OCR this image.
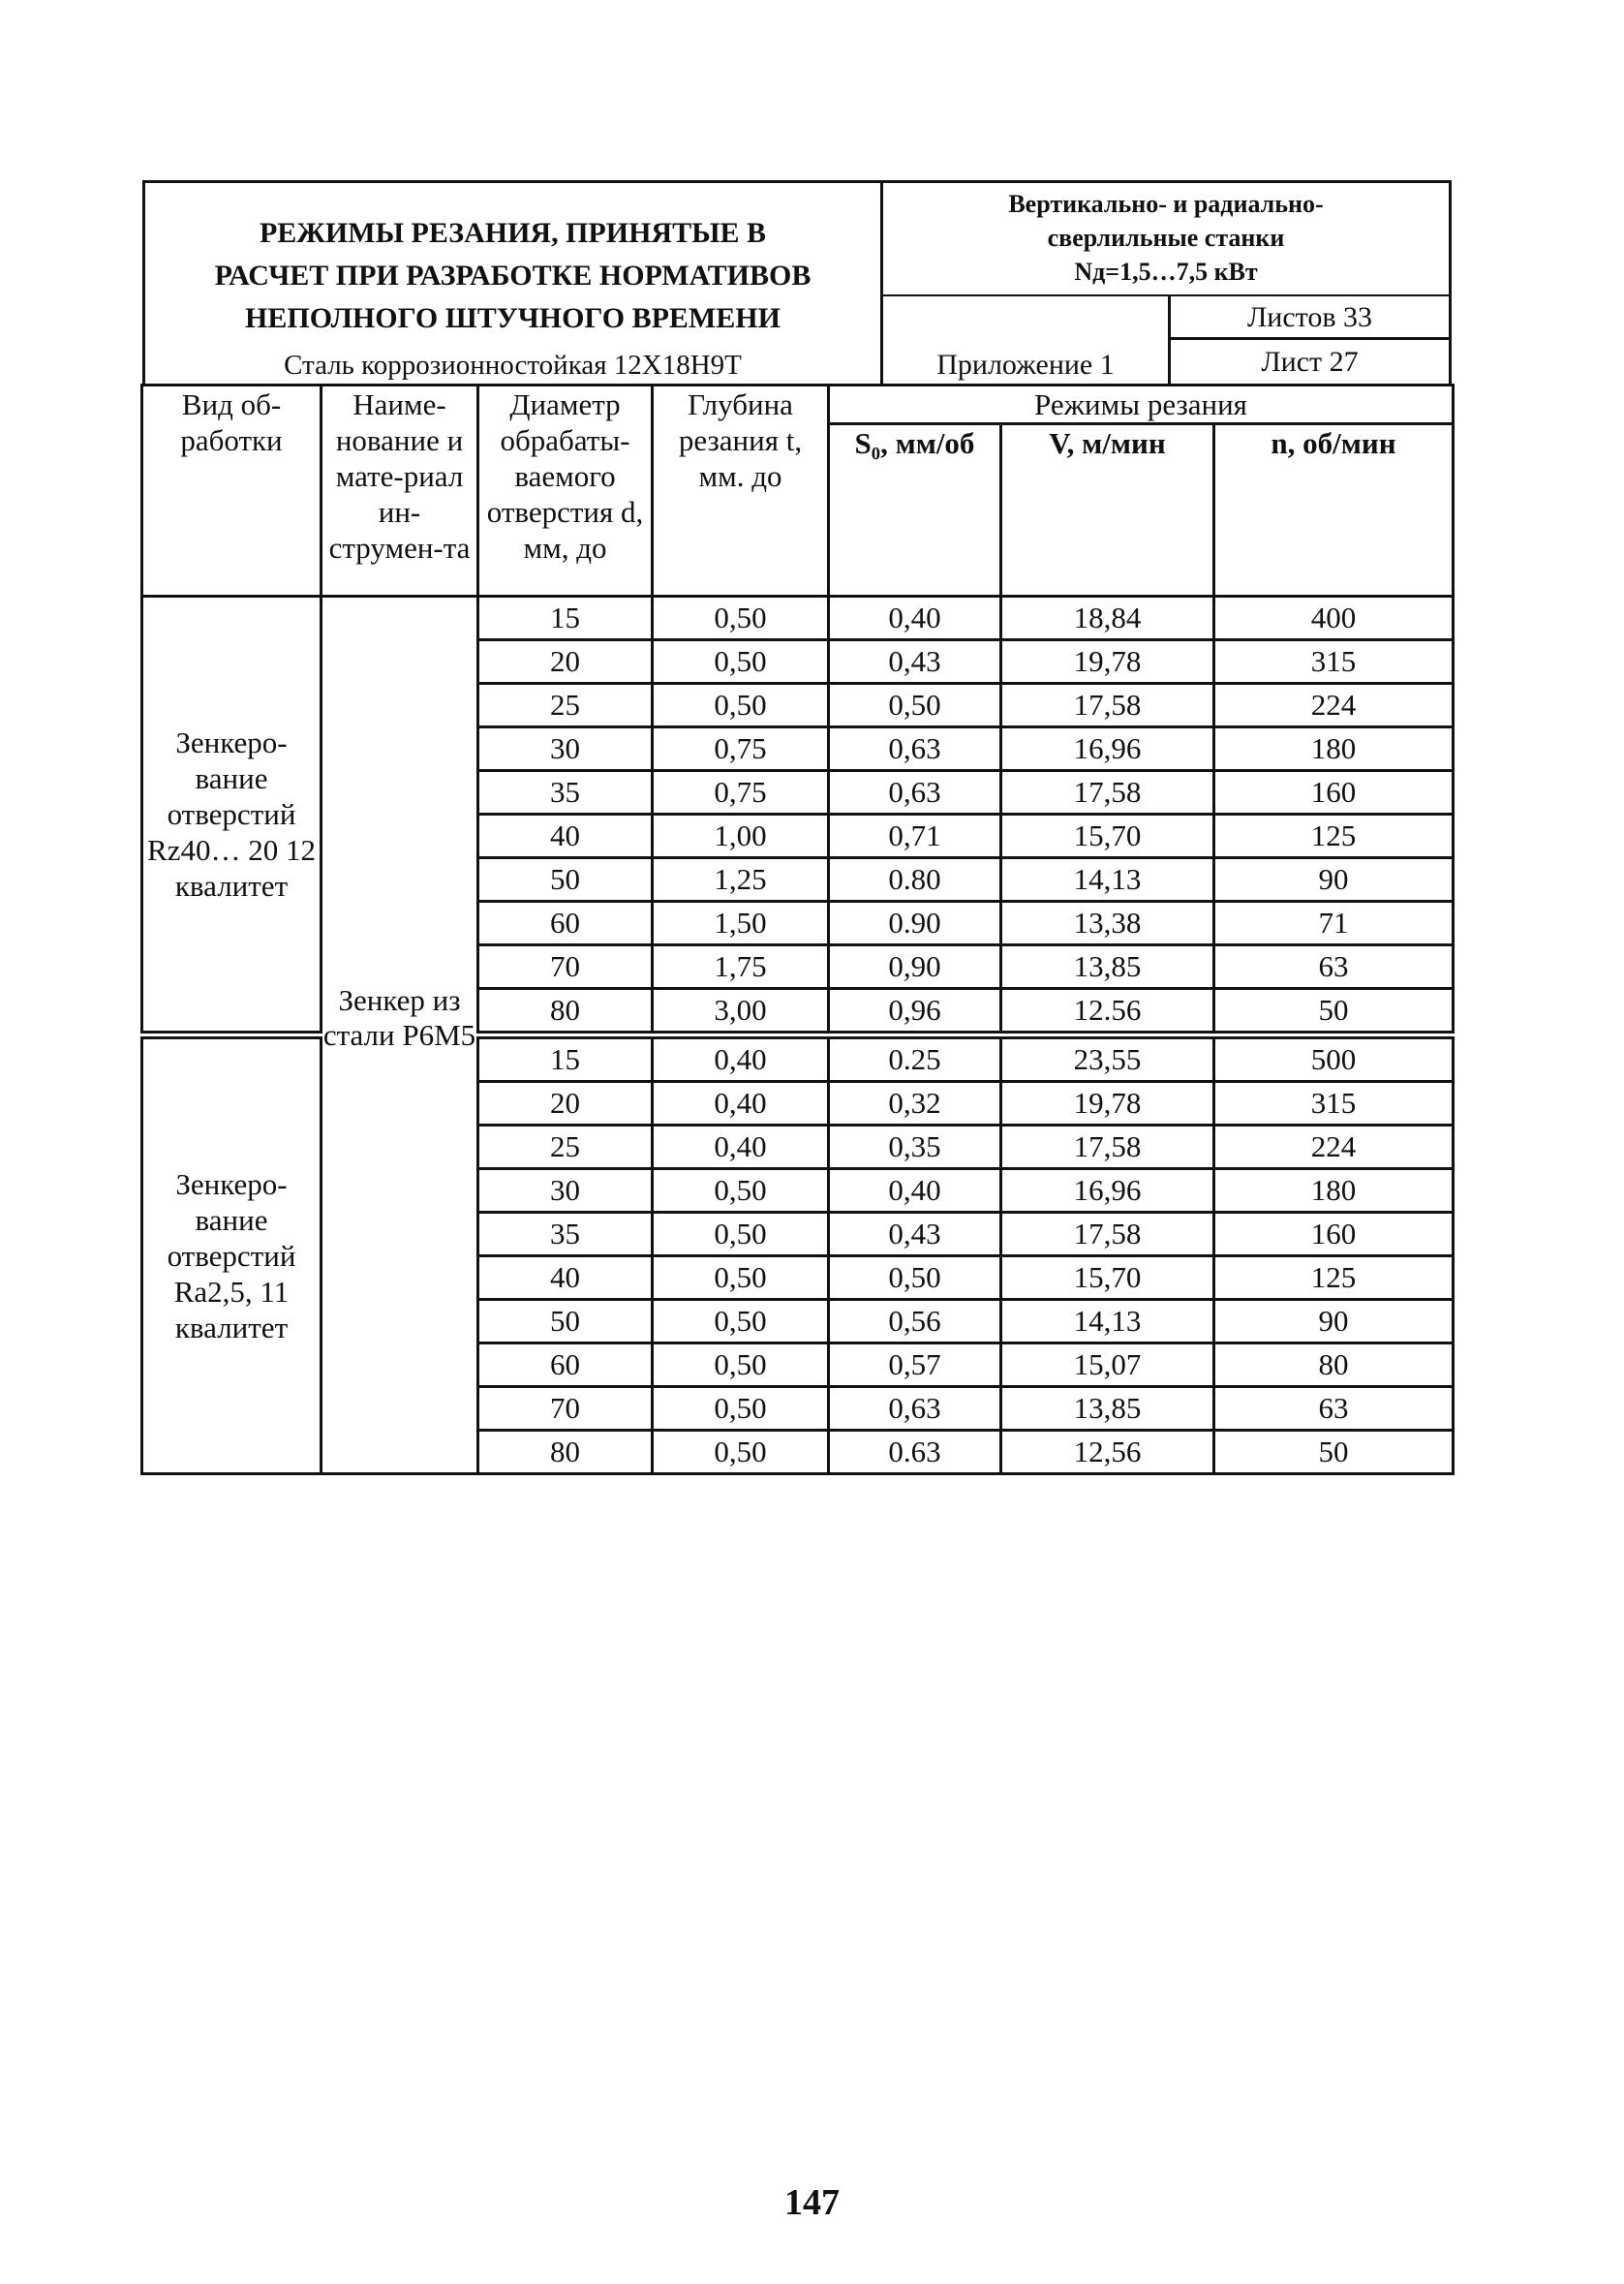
РЕЖИМЫ РЕЗАНИЯ, ПРИНЯТЫЕ В
РАСЧЕТ ПРИ РАЗРАБОТКЕ НОРМАТИВОВ
НЕПОЛНОГО ШТУЧНОГО ВРЕМЕНИ
Сталь коррозионностойкая 12Х18Н9Т
Вертикально- и радиально-
сверлильные станки
Nд=1,5…7,5 кВт
Приложение 1
Листов 33
Лист 27
Вид об-работки	Наиме-нование и мате-риал ин-струмен-та	Диаметр обрабаты-ваемого отверстия d, мм, до	Глубина резания t, мм. до	Режимы резания		
				S₀, мм/об	V, м/мин	n, об/мин
Зенкеро-вание отверстий Rz40… 20 12 квалитет	Зенкер из стали Р6М5	15	0,50	0,40	18,84	400
		20	0,50	0,43	19,78	315
		25	0,50	0,50	17,58	224
		30	0,75	0,63	16,96	180
		35	0,75	0,63	17,58	160
		40	1,00	0,71	15,70	125
		50	1,25	0.80	14,13	90
		60	1,50	0.90	13,38	71
		70	1,75	0,90	13,85	63
		80	3,00	0,96	12.56	50
Зенкеро-вание отверстий Ra2,5, 11 квалитет		15	0,40	0.25	23,55	500
		20	0,40	0,32	19,78	315
		25	0,40	0,35	17,58	224
		30	0,50	0,40	16,96	180
		35	0,50	0,43	17,58	160
		40	0,50	0,50	15,70	125
		50	0,50	0,56	14,13	90
		60	0,50	0,57	15,07	80
		70	0,50	0,63	13,85	63
		80	0,50	0.63	12,56	50
147
